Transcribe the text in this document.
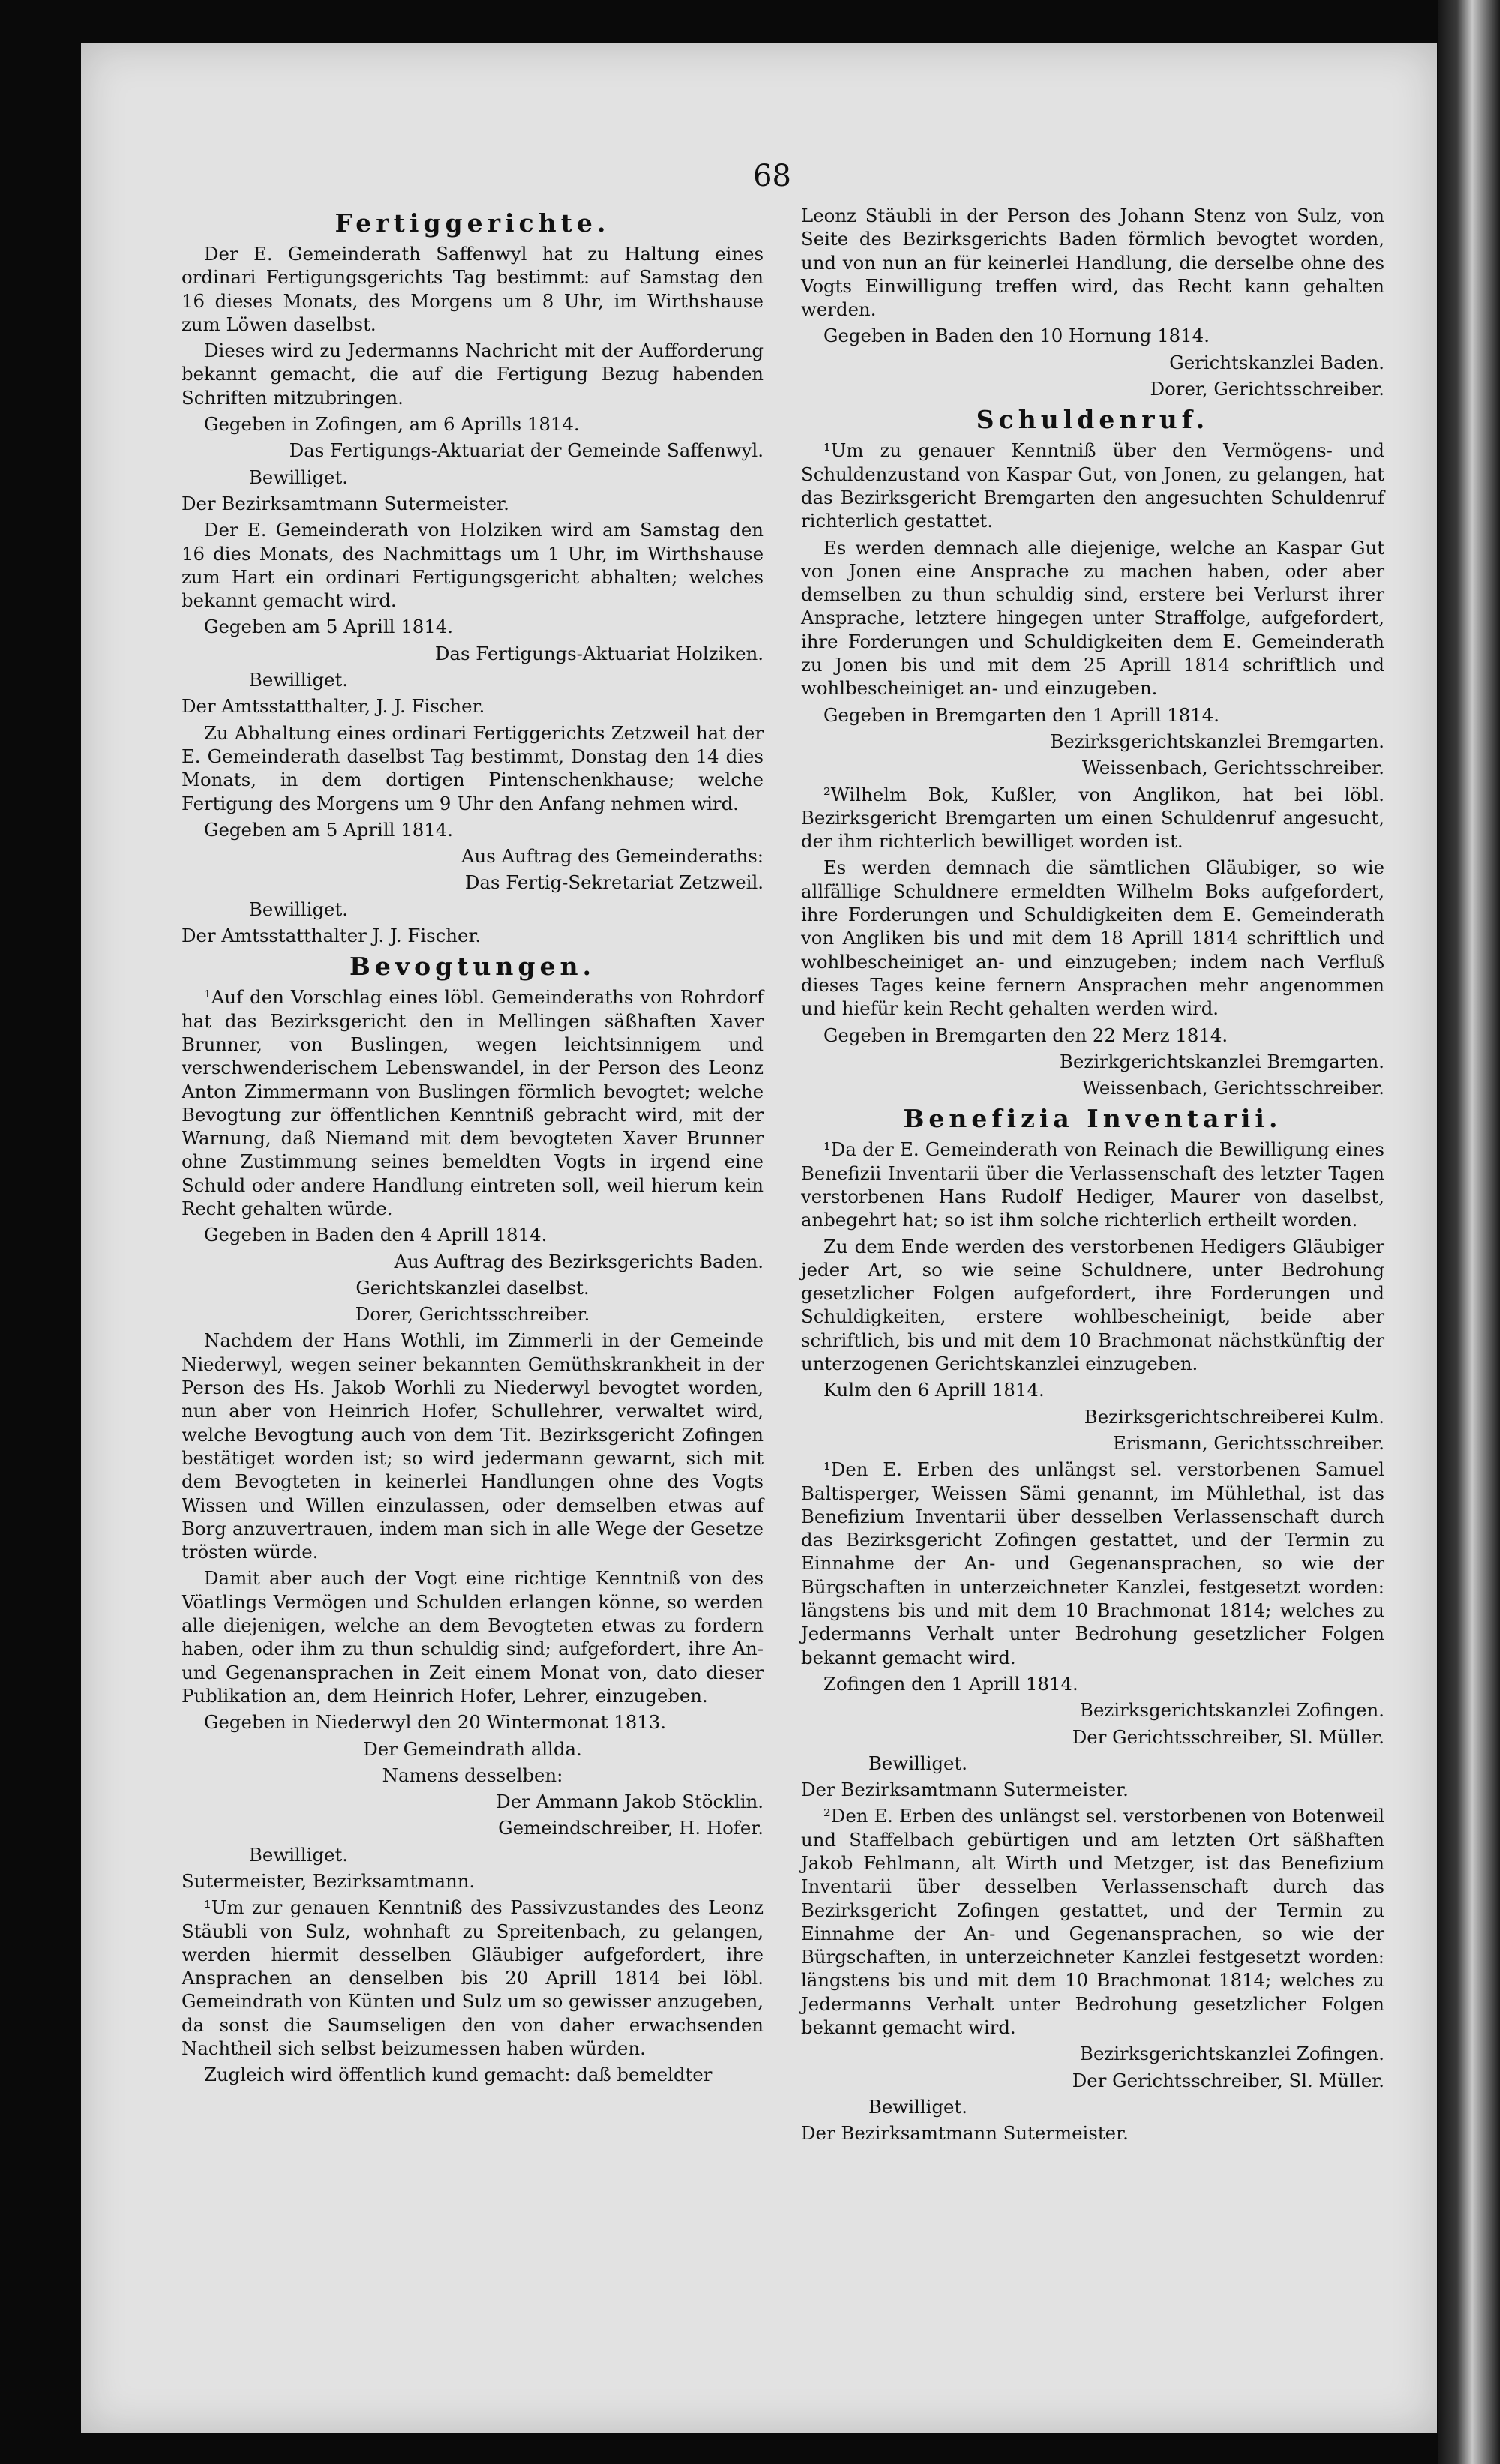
68
Fertiggerichte.

Der E. Gemeinderath Saffenwyl hat zu Haltung eines ordinari Fertigungsgerichts Tag bestimmt: auf Samstag den 16 dieses Monats, des Morgens um 8 Uhr, im Wirthshause zum Löwen daselbst.

Dieses wird zu Jedermanns Nachricht mit der Aufforderung bekannt gemacht, die auf die Fertigung Bezug habenden Schriften mitzubringen.

Gegeben in Zofingen, am 6 Aprills 1814.

Das Fertigungs-Aktuariat der Gemeinde Saffenwyl.

Bewilliget.

Der Bezirksamtmann Sutermeister.

Der E. Gemeinderath von Holziken wird am Samstag den 16 dies Monats, des Nachmittags um 1 Uhr, im Wirthshause zum Hart ein ordinari Fertigungsgericht abhalten; welches bekannt gemacht wird.

Gegeben am 5 Aprill 1814.

Das Fertigungs-Aktuariat Holziken.

Bewilliget.

Der Amtsstatthalter, J. J. Fischer.

Zu Abhaltung eines ordinari Fertiggerichts Zetzweil hat der E. Gemeinderath daselbst Tag bestimmt, Donstag den 14 dies Monats, in dem dortigen Pintenschenkhause; welche Fertigung des Morgens um 9 Uhr den Anfang nehmen wird.

Gegeben am 5 Aprill 1814.

Aus Auftrag des Gemeinderaths:

Das Fertig-Sekretariat Zetzweil.

Bewilliget.

Der Amtsstatthalter J. J. Fischer.

Bevogtungen.

¹Auf den Vorschlag eines löbl. Gemeinderaths von Rohrdorf hat das Bezirksgericht den in Mellingen säßhaften Xaver Brunner, von Buslingen, wegen leichtsinnigem und verschwenderischem Lebenswandel, in der Person des Leonz Anton Zimmermann von Buslingen förmlich bevogtet; welche Bevogtung zur öffentlichen Kenntniß gebracht wird, mit der Warnung, daß Niemand mit dem bevogteten Xaver Brunner ohne Zustimmung seines bemeldten Vogts in irgend eine Schuld oder andere Handlung eintreten soll, weil hierum kein Recht gehalten würde.

Gegeben in Baden den 4 Aprill 1814.

Aus Auftrag des Bezirksgerichts Baden.

Gerichtskanzlei daselbst.

Dorer, Gerichtsschreiber.

Nachdem der Hans Wothli, im Zimmerli in der Gemeinde Niederwyl, wegen seiner bekannten Gemüthskrankheit in der Person des Hs. Jakob Worhli zu Niederwyl bevogtet worden, nun aber von Heinrich Hofer, Schullehrer, verwaltet wird, welche Bevogtung auch von dem Tit. Bezirksgericht Zofingen bestätiget worden ist; so wird jedermann gewarnt, sich mit dem Bevogteten in keinerlei Handlungen ohne des Vogts Wissen und Willen einzulassen, oder demselben etwas auf Borg anzuvertrauen, indem man sich in alle Wege der Gesetze trösten würde.

Damit aber auch der Vogt eine richtige Kenntniß von des Vöatlings Vermögen und Schulden erlangen könne, so werden alle diejenigen, welche an dem Bevogteten etwas zu fordern haben, oder ihm zu thun schuldig sind; aufgefordert, ihre An- und Gegenansprachen in Zeit einem Monat von, dato dieser Publikation an, dem Heinrich Hofer, Lehrer, einzugeben.

Gegeben in Niederwyl den 20 Wintermonat 1813.

Der Gemeindrath allda.

Namens desselben:

Der Ammann Jakob Stöcklin.

Gemeindschreiber, H. Hofer.

Bewilliget.

Sutermeister, Bezirksamtmann.

¹Um zur genauen Kenntniß des Passivzustandes des Leonz Stäubli von Sulz, wohnhaft zu Spreitenbach, zu gelangen, werden hiermit desselben Gläubiger aufgefordert, ihre Ansprachen an denselben bis 20 Aprill 1814 bei löbl. Gemeindrath von Künten und Sulz um so gewisser anzugeben, da sonst die Saumseligen den von daher erwachsenden Nachtheil sich selbst beizumessen haben würden.

Zugleich wird öffentlich kund gemacht: daß bemeldter

Leonz Stäubli in der Person des Johann Stenz von Sulz, von Seite des Bezirksgerichts Baden förmlich bevogtet worden, und von nun an für keinerlei Handlung, die derselbe ohne des Vogts Einwilligung treffen wird, das Recht kann gehalten werden.

Gegeben in Baden den 10 Hornung 1814.

Gerichtskanzlei Baden.

Dorer, Gerichtsschreiber.

Schuldenruf.

¹Um zu genauer Kenntniß über den Vermögens- und Schuldenzustand von Kaspar Gut, von Jonen, zu gelangen, hat das Bezirksgericht Bremgarten den angesuchten Schuldenruf richterlich gestattet.

Es werden demnach alle diejenige, welche an Kaspar Gut von Jonen eine Ansprache zu machen haben, oder aber demselben zu thun schuldig sind, erstere bei Verlurst ihrer Ansprache, letztere hingegen unter Straffolge, aufgefordert, ihre Forderungen und Schuldigkeiten dem E. Gemeinderath zu Jonen bis und mit dem 25 Aprill 1814 schriftlich und wohlbescheiniget an- und einzugeben.

Gegeben in Bremgarten den 1 Aprill 1814.

Bezirksgerichtskanzlei Bremgarten.

Weissenbach, Gerichtsschreiber.

²Wilhelm Bok, Kußler, von Anglikon, hat bei löbl. Bezirksgericht Bremgarten um einen Schuldenruf angesucht, der ihm richterlich bewilliget worden ist.

Es werden demnach die sämtlichen Gläubiger, so wie allfällige Schuldnere ermeldten Wilhelm Boks aufgefordert, ihre Forderungen und Schuldigkeiten dem E. Gemeinderath von Angliken bis und mit dem 18 Aprill 1814 schriftlich und wohlbescheiniget an- und einzugeben; indem nach Verfluß dieses Tages keine fernern Ansprachen mehr angenommen und hiefür kein Recht gehalten werden wird.

Gegeben in Bremgarten den 22 Merz 1814.

Bezirkgerichtskanzlei Bremgarten.

Weissenbach, Gerichtsschreiber.

Benefizia Inventarii.

¹Da der E. Gemeinderath von Reinach die Bewilligung eines Benefizii Inventarii über die Verlassenschaft des letzter Tagen verstorbenen Hans Rudolf Hediger, Maurer von daselbst, anbegehrt hat; so ist ihm solche richterlich ertheilt worden.

Zu dem Ende werden des verstorbenen Hedigers Gläubiger jeder Art, so wie seine Schuldnere, unter Bedrohung gesetzlicher Folgen aufgefordert, ihre Forderungen und Schuldigkeiten, erstere wohlbescheinigt, beide aber schriftlich, bis und mit dem 10 Brachmonat nächstkünftig der unterzogenen Gerichtskanzlei einzugeben.

Kulm den 6 Aprill 1814.

Bezirksgerichtschreiberei Kulm.

Erismann, Gerichtsschreiber.

¹Den E. Erben des unlängst sel. verstorbenen Samuel Baltisperger, Weissen Sämi genannt, im Mühlethal, ist das Benefizium Inventarii über desselben Verlassenschaft durch das Bezirksgericht Zofingen gestattet, und der Termin zu Einnahme der An- und Gegenansprachen, so wie der Bürgschaften in unterzeichneter Kanzlei, festgesetzt worden: längstens bis und mit dem 10 Brachmonat 1814; welches zu Jedermanns Verhalt unter Bedrohung gesetzlicher Folgen bekannt gemacht wird.

Zofingen den 1 Aprill 1814.

Bezirksgerichtskanzlei Zofingen.

Der Gerichtsschreiber, Sl. Müller.

Bewilliget.

Der Bezirksamtmann Sutermeister.

²Den E. Erben des unlängst sel. verstorbenen von Botenweil und Staffelbach gebürtigen und am letzten Ort säßhaften Jakob Fehlmann, alt Wirth und Metzger, ist das Benefizium Inventarii über desselben Verlassenschaft durch das Bezirksgericht Zofingen gestattet, und der Termin zu Einnahme der An- und Gegenansprachen, so wie der Bürgschaften, in unterzeichneter Kanzlei festgesetzt worden: längstens bis und mit dem 10 Brachmonat 1814; welches zu Jedermanns Verhalt unter Bedrohung gesetzlicher Folgen bekannt gemacht wird.

Bezirksgerichtskanzlei Zofingen.

Der Gerichtsschreiber, Sl. Müller.

Bewilliget.

Der Bezirksamtmann Sutermeister.
